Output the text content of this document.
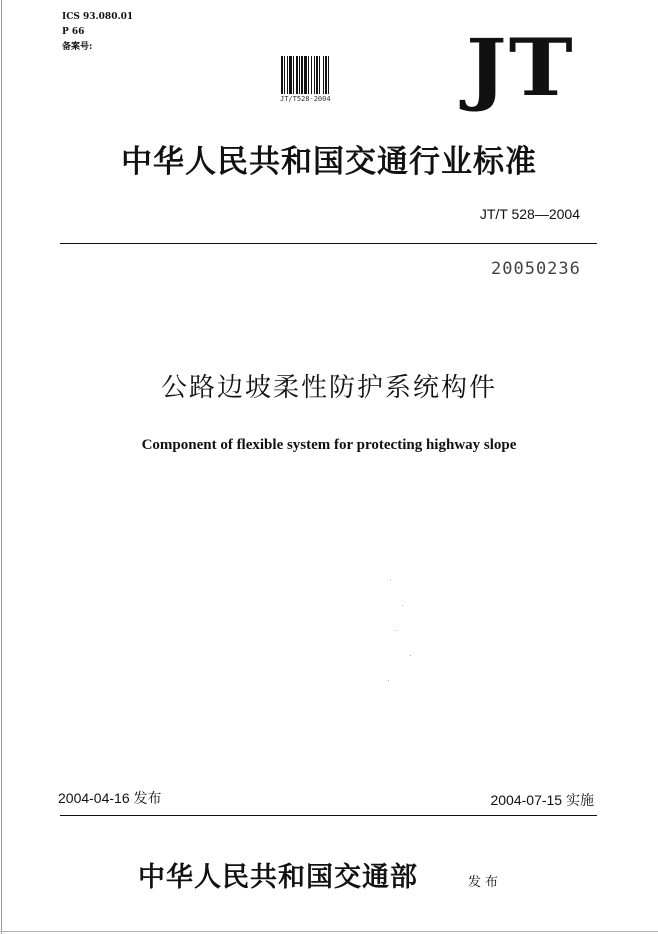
ICS 93.080.01
P 66
备案号:
JT/T528-2004 JT
中华人民共和国交通行业标准
JT/T 528—2004
20050236
公路边坡柔性防护系统构件
Component of flexible system for protecting highway slope
2004-04-16 发布	2004-07-15 实施
中华人民共和国交通部	发布
